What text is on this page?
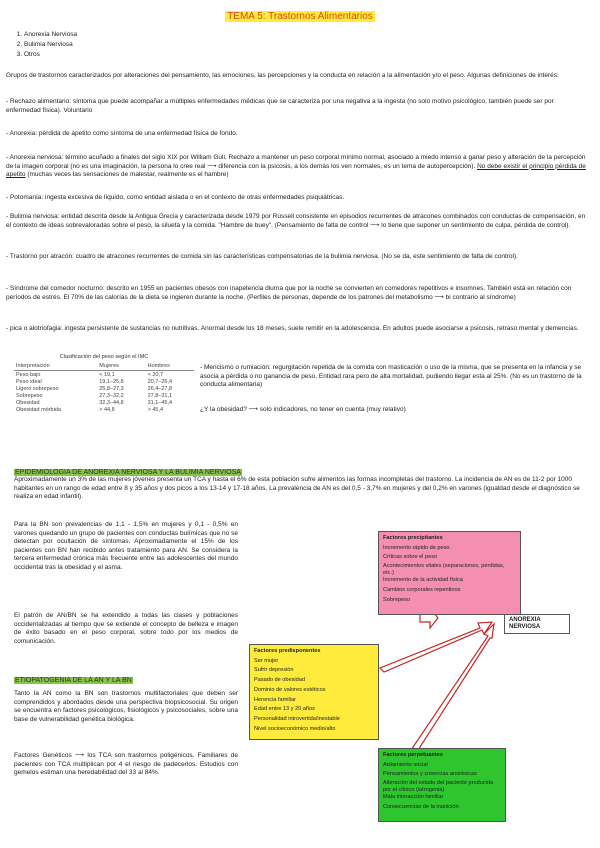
TEMA 5: Trastornos Alimentarios
1. Anorexia Nerviosa
2. Bulimia Nerviosa
3. Otros

Grupos de trastornos caracterizados por alteraciones del pensamiento, las emociones, las percepciones y la conducta en relación a la alimentación y/o el peso. Algunas definiciones de interés:

- Rechazo alimentario: síntoma que puede acompañar a múltiples enfermedades médicas que se caracteriza por una negativa a la ingesta (no solo motivo psicológico, también puede ser por enfermedad física). Voluntario

- Anorexia: pérdida de apetito como síntoma de una enfermedad física de fondo.

- Anorexia nerviosa: término acuñado a finales del siglo XIX por William Gull. Rechazo a mantener un peso corporal mínimo normal, asociado a miedo intenso a ganar peso y alteración de la percepción de la imagen corporal (no es una imaginación, la persona lo cree real ⟶ diferencia con la psicosis, a los demás los ven normales, es un tema de autopercepción). No debe existir el principio pérdida de apetito (muchas veces las sensaciones de malestar, realmente es el hambre)

- Potomanía: ingesta excesiva de líquido, como entidad aislada o en el contexto de otras enfermedades psiquiátricas.

- Bulimia nerviosa: entidad descrita desde la Antigua Grecia y caracterizada desde 1979 por Russell consistente en episodios recurrentes de atracones combinados con conductas de compensación, en el contexto de ideas sobrevaloradas sobre el peso, la silueta y la comida. "Hambre de buey". (Pensamiento de falta de control ⟶ lo tiene que suponer un sentimiento de culpa, pérdida de control).

- Trastorno por atracón: cuadro de atracones recurrentes de comida sin las características compensatorias de la bulimia nerviosa. (No se da, este sentimiento de falta de control).

- Síndrome del comedor nocturno: descrito en 1955 en pacientes obesos con inapetencia diurna que por la noche se convierten en comedores repetitivos e insomnes. También está en relación con períodos de estrés. El 70% de las calorías de la dieta se ingieren durante la noche. (Perfiles de personas, depende de los patrones del metabolismo ⟶ bi contrario al síndrome)

- pica o alotriofagia: ingesta persistente de sustancias no nutritivas. Anormal desde los 18 meses, suele remitir en la adolescencia. En adultos puede asociarse a psicosis, retraso mental y demencias.

Clasificación del peso según el IMC
Interpretación	Mujeres	Hombres
Peso bajo	< 19,1	< 20,7
Peso ideal	19,1–25,8	20,7–26,4
Ligero sobrepeso	25,8–27,3	26,4–27,8
Sobrepeso	27,3–32,2	27,8–31,1
Obesidad	32,3–44,8	31,1–45,4
Obesidad mórbida	> 44,8	> 45,4

- Mericismo o rumiación: regurgitación repetida de la comida con masticación o uso de la misma, que se presenta en la infancia y se asocia a pérdida o no ganancia de peso. Entidad rara pero de alta mortalidad, pudiendo llegar esta al 25%. (No es un trastorno de la conducta alimentaria)

¿Y la obesidad? ⟶ solo indicadores, no tener en cuenta (muy relativo)

EPIDEMIOLOGIA DE ANOREXIA NERVIOSA Y LA BULIMIA NERVIOSA

Aproximadamente un 3% de las mujeres jóvenes presenta un TCA y hasta el 6% de esta población sufre alimentos las formas incompletas del trastorno. La incidencia de AN es de 11-2 por 1000 habitantes en un rango de edad entre 8 y 35 años y dos picos a los 13-14 y 17-18 años. La prevalencia de AN es del 0,5 - 3,7% en mujeres y del 0,2% en varones (igualdad desde el diagnóstico se realiza en edad infantil).

Para la BN son prevalencias de 1,1 - 1,5% en mujeres y 0,1 - 0,5% en varones quedando un grupo de pacientes con conductas bulímicas que no se detectan por ocultación de síntomas. Aproximadamente el 15% de los pacientes con BN han recibido antes tratamiento para AN. Se considera la tercera enfermedad crónica más frecuente entre las adolescentes del mundo occidental tras la obesidad y el asma.

El patrón de AN/BN se ha extendido a todas las clases y poblaciones occidentalizadas al tiempo que se extiende el concepto de belleza e imagen de éxito basado en el peso corporal, sobre todo por los medios de comunicación.

ETIOPATOGENIA DE LA AN Y LA BN

Tanto la AN como la BN son trastornos multifactoriales que deben ser comprendidos y abordados desde una perspectiva biopsicosocial. Su origen se encuentra en factores psicológicos, fisiológicos y psicosociales, sobre una base de vulnerabilidad genética biológica.

Factores Genéticos ⟶ los TCA son trastornos poligénicos. Familiares de pacientes con TCA multiplican por 4 el riesgo de padecerlos. Estudios con gemelos estiman una heredabilidad del 33 al 84%.

Factores precipitantes
Incremento rápido de peso
Críticas sobre el peso
Acontecimientos vitales (separaciones, pérdidas, etc.)
Incremento de la actividad física
Cambios corporales repentinos
Sobrepeso
ANOREXIA NERVIOSA
Factores predisponentes
Ser mujer
Sufrir depresión
Pasado de obesidad
Dominio de valores estéticos
Herencia familiar
Edad entre 13 y 20 años
Personalidad introvertida/inestable
Nivel socioeconómico medio/alto
Factores perpetuantes
Aislamiento social
Pensamientos y creencias anoréxicas
Alteración del estado del paciente producida por el clínico (iatrogenia)
Mala interacción familiar
Consecuencias de la inanición
